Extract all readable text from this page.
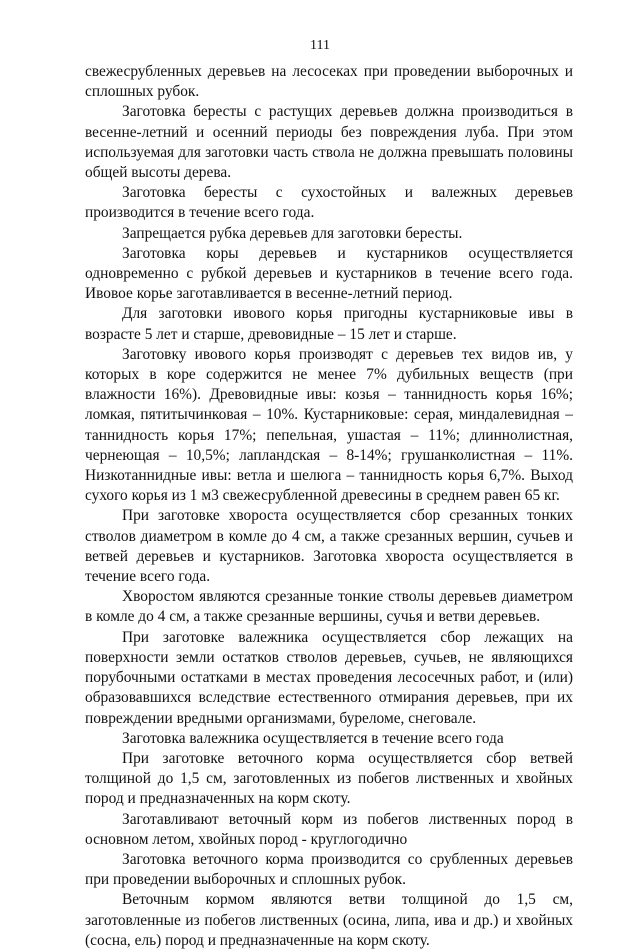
111

свежесрубленных деревьев на лесосеках при проведении выборочных и сплошных рубок.

Заготовка бересты с растущих деревьев должна производиться в весенне-летний и осенний периоды без повреждения луба. При этом используемая для заготовки часть ствола не должна превышать половины общей высоты дерева.

Заготовка бересты с сухостойных и валежных деревьев производится в течение всего года.

Запрещается рубка деревьев для заготовки бересты.

Заготовка коры деревьев и кустарников осуществляется одновременно с рубкой деревьев и кустарников в течение всего года. Ивовое корье заготавливается в весенне-летний период.

Для заготовки ивового корья пригодны кустарниковые ивы в возрасте 5 лет и старше, древовидные – 15 лет и старше.

Заготовку ивового корья производят с деревьев тех видов ив, у которых в коре содержится не менее 7% дубильных веществ (при влажности 16%). Древовидные ивы: козья – таннидность корья 16%; ломкая, пятитычинковая – 10%. Кустарниковые: серая, миндалевидная – таннидность корья 17%; пепельная, ушастая – 11%; длиннолистная, чернеющая – 10,5%; лапландская – 8-14%; грушанколистная – 11%. Низкотаннидные ивы: ветла и шелюга – таннидность корья 6,7%. Выход сухого корья из 1 м3 свежесрубленной древесины в среднем равен 65 кг.

При заготовке хвороста осуществляется сбор срезанных тонких стволов диаметром в комле до 4 см, а также срезанных вершин, сучьев и ветвей деревьев и кустарников. Заготовка хвороста осуществляется в течение всего года.

Хворостом являются срезанные тонкие стволы деревьев диаметром в комле до 4 см, а также срезанные вершины, сучья и ветви деревьев.

При заготовке валежника осуществляется сбор лежащих на поверхности земли остатков стволов деревьев, сучьев, не являющихся порубочными остатками в местах проведения лесосечных работ, и (или) образовавшихся вследствие естественного отмирания деревьев, при их повреждении вредными организмами, буреломе, снеговале.

Заготовка валежника осуществляется в течение всего года

При заготовке веточного корма осуществляется сбор ветвей толщиной до 1,5 см, заготовленных из побегов лиственных и хвойных пород и предназначенных на корм скоту.

Заготавливают веточный корм из побегов лиственных пород в основном летом, хвойных пород - круглогодично

Заготовка веточного корма производится со срубленных деревьев при проведении выборочных и сплошных рубок.

Веточным кормом являются ветви толщиной до 1,5 см, заготовленные из побегов лиственных (осина, липа, ива и др.) и хвойных (сосна, ель) пород и предназначенные на корм скоту.
